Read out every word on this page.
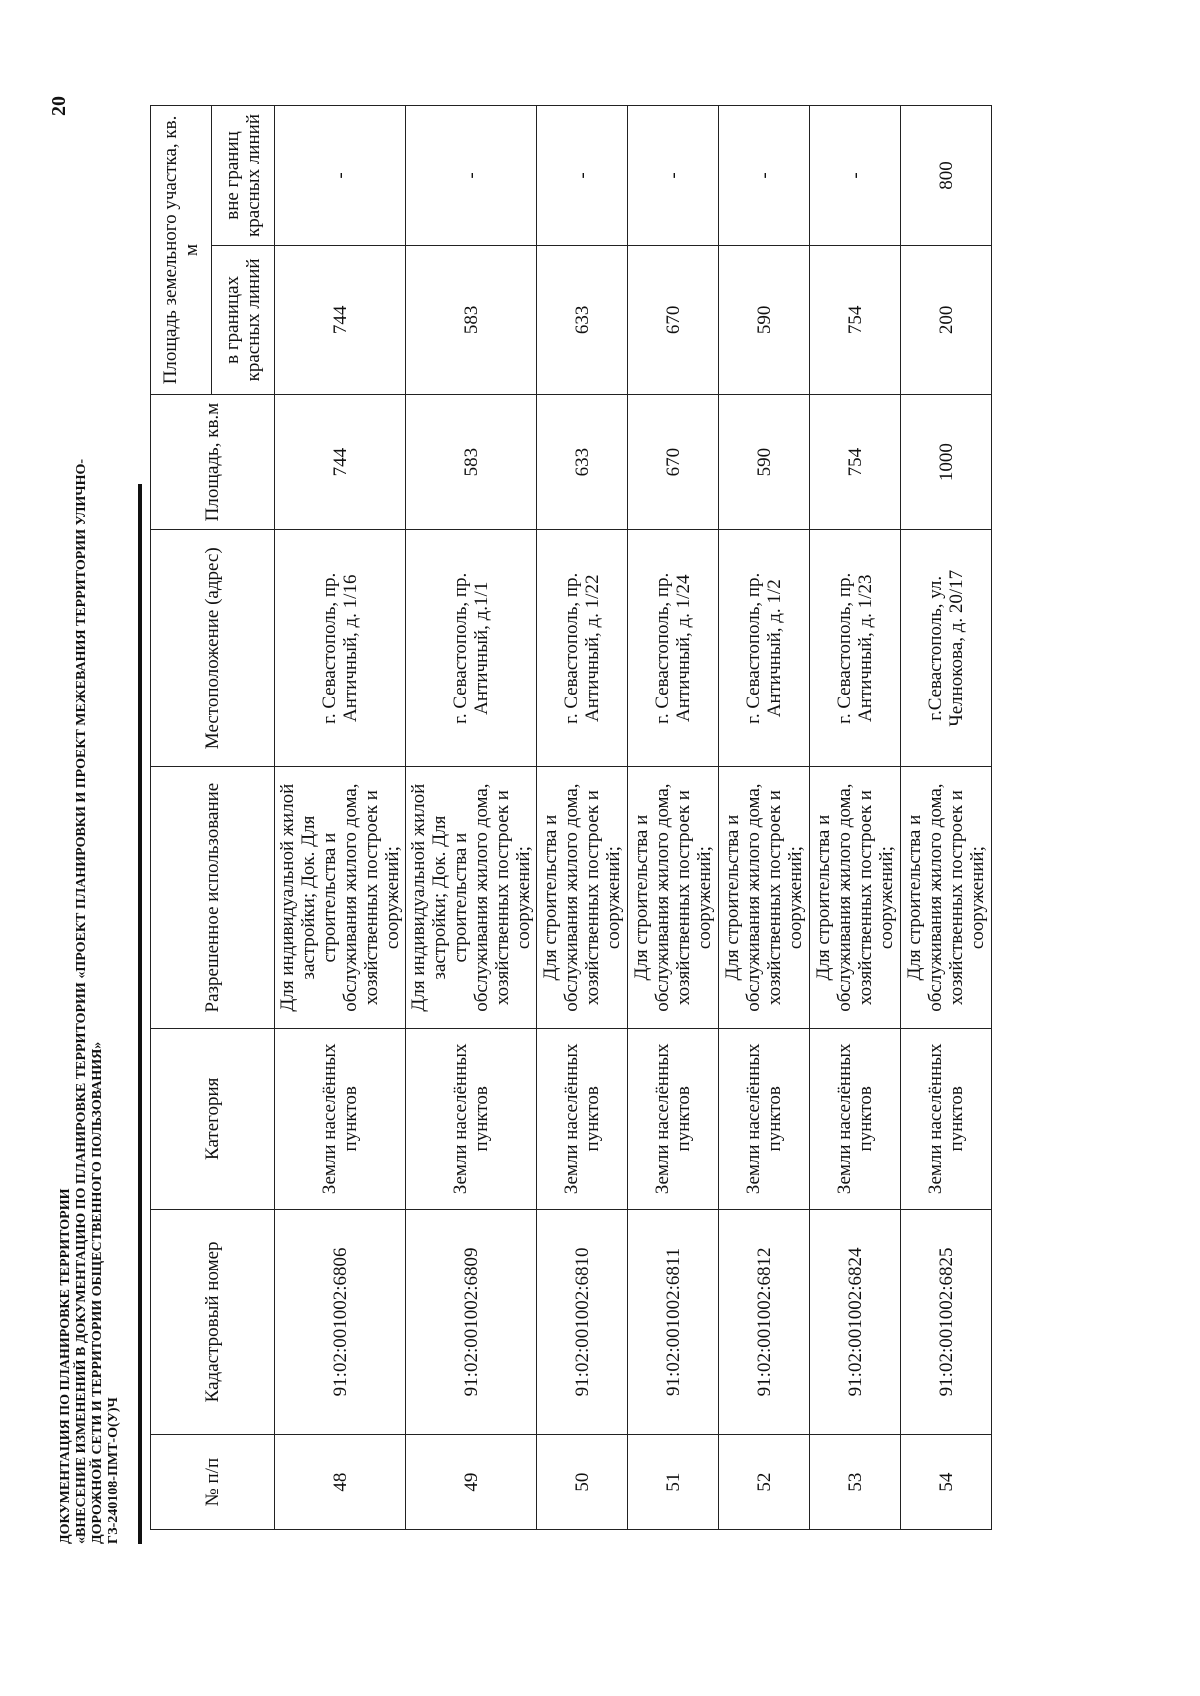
20
ДОКУМЕНТАЦИЯ ПО ПЛАНИРОВКЕ ТЕРРИТОРИИ «ВНЕСЕНИЕ ИЗМЕНЕНИЙ В ДОКУМЕНТАЦИЮ ПО ПЛАНИРОВКЕ ТЕРРИТОРИИ «ПРОЕКТ ПЛАНИРОВКИ И ПРОЕКТ МЕЖЕВАНИЯ ТЕРРИТОРИИ УЛИЧНО- ДОРОЖНОЙ СЕТИ И ТЕРРИТОРИИ ОБЩЕСТВЕННОГО ПОЛЬЗОВАНИЯ» ГЗ-240108-ПМТ-О(У)Ч	№ п/п	Кадастровый номер	Категория	Разрешенное использование	Местоположение (адрес)	Площадь, кв.м	Площадь земельного участка, кв. м	
						в границах красных линий	вне границ красных линий
48	91:02:001002:6806	Земли населённых пунктов	Для индивидуальной жилой застройки; Док. Для строительства и обслуживания жилого дома, хозяйственных построек и сооружений;	г. Севастополь, пр. Античный, д. 1/16	744	744	-
49	91:02:001002:6809	Земли населённых пунктов	Для индивидуальной жилой застройки; Док. Для строительства и обслуживания жилого дома, хозяйственных построек и сооружений;	г. Севастополь, пр. Античный, д.1/1	583	583	-
50	91:02:001002:6810	Земли населённых пунктов	Для строительства и обслуживания жилого дома, хозяйственных построек и сооружений;	г. Севастополь, пр. Античный, д. 1/22	633	633	-
51	91:02:001002:6811	Земли населённых пунктов	Для строительства и обслуживания жилого дома, хозяйственных построек и сооружений;	г. Севастополь, пр. Античный, д. 1/24	670	670	-
52	91:02:001002:6812	Земли населённых пунктов	Для строительства и обслуживания жилого дома, хозяйственных построек и сооружений;	г. Севастополь, пр. Античный, д. 1/2	590	590	-
53	91:02:001002:6824	Земли населённых пунктов	Для строительства и обслуживания жилого дома, хозяйственных построек и сооружений;	г. Севастополь, пр. Античный, д. 1/23	754	754	-
54	91:02:001002:6825	Земли населённых пунктов	Для строительства и обслуживания жилого дома, хозяйственных построек и сооружений;	г.Севастополь, ул. Челнокова, д. 20/17	1000	200	800
